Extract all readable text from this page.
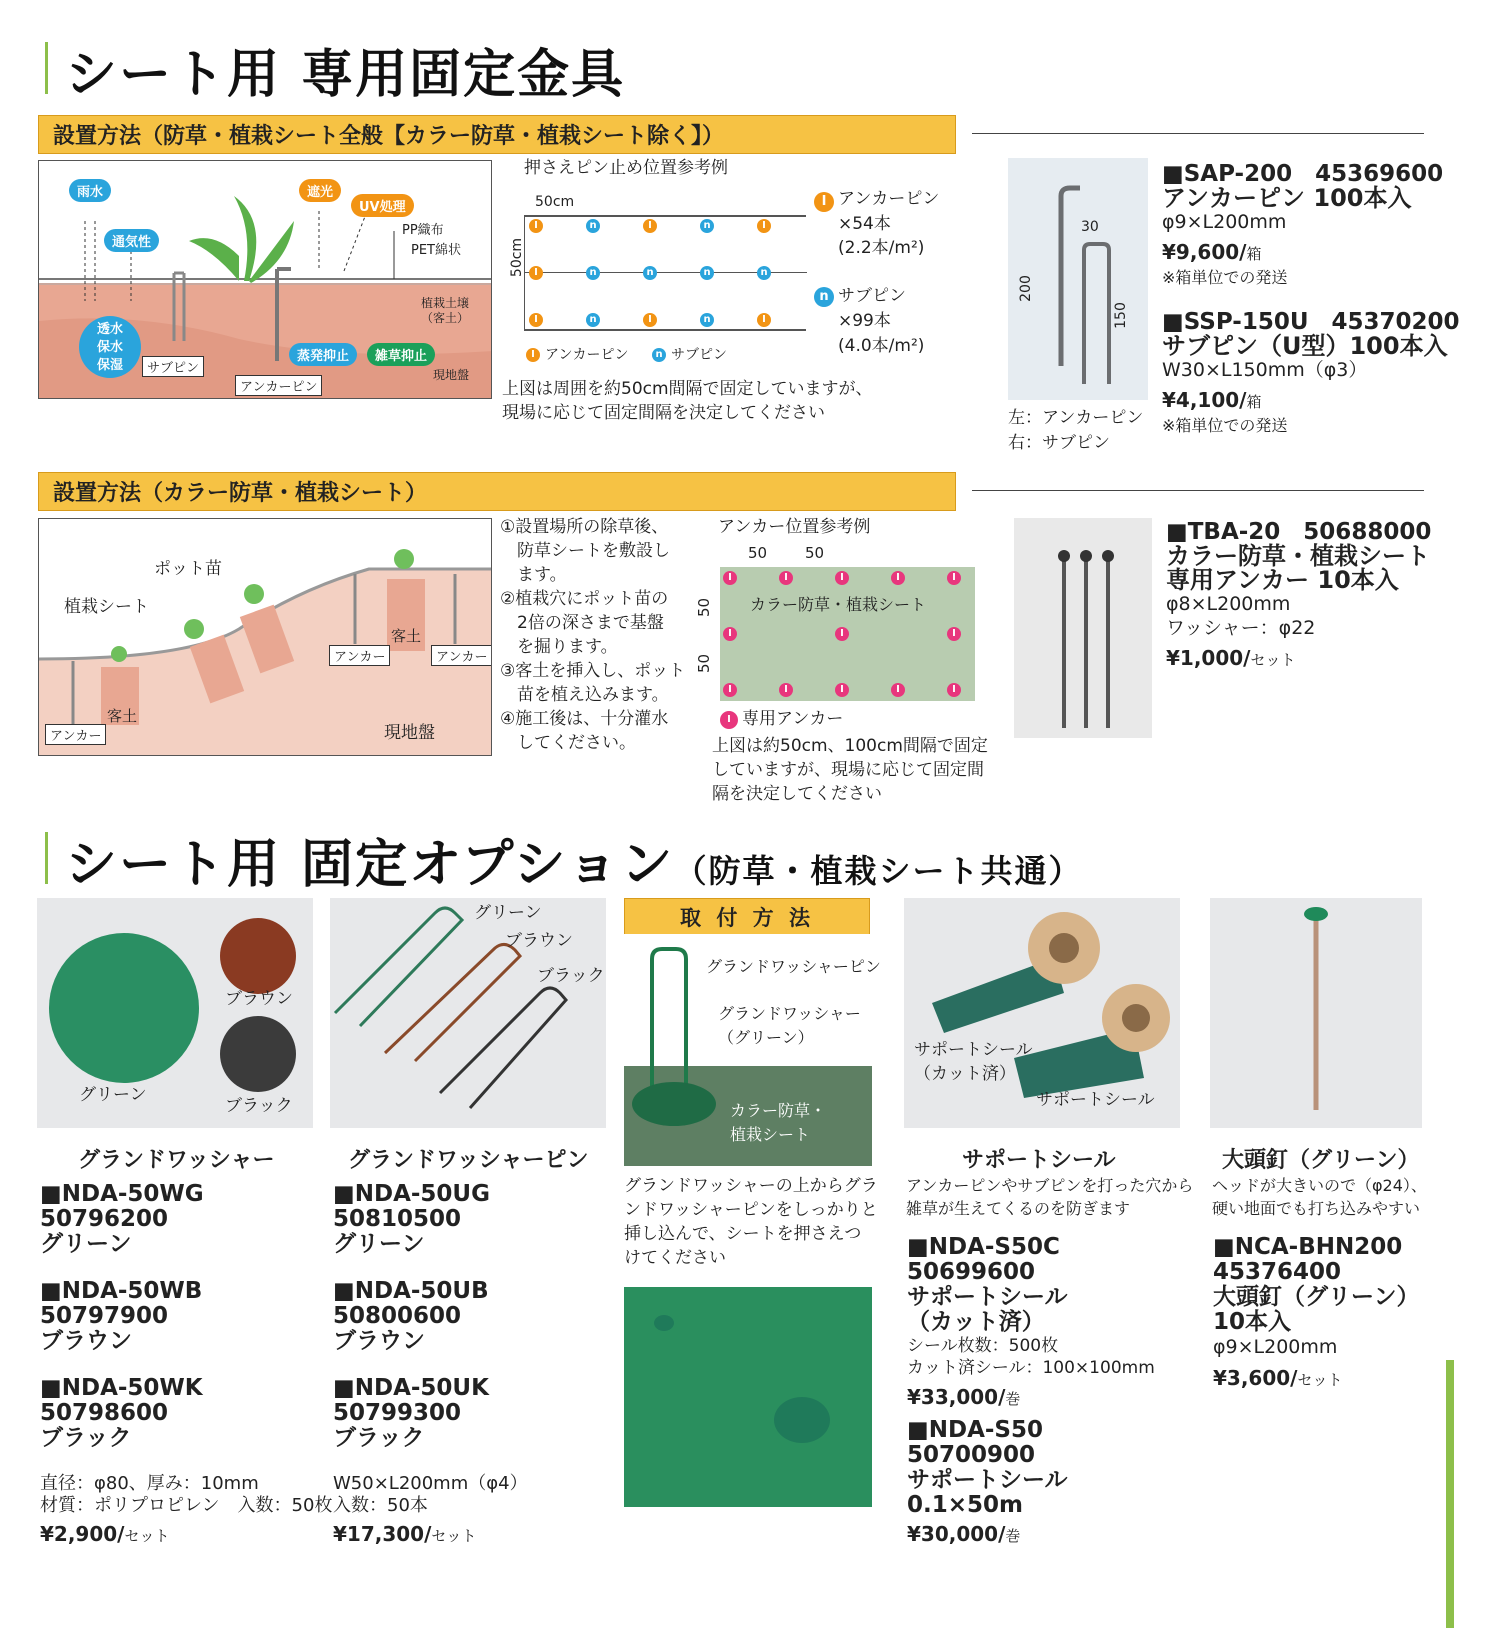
シート用 専用固定金具
設置方法（防草・植栽シート全般【カラー防草・植栽シート除く】）
雨水
通気性
遮光
UV処理
PP織布
PET綿状
透水
保水
保湿
蒸発抑止	雑草抑止
植栽土壌
（客土）
現地盤
サブピン
アンカーピン
押さえピン止め位置参考例
50cm
50cm
I	n	I	n	I
I	n	n	n	n
I	n	I	n	I
I アンカーピン
×54本
(2.2本/m²)
n サブピン
×99本
(4.0本/m²)
I アンカーピン	n サブピン
上図は周囲を約50cm間隔で固定していますが、
現場に応じて固定間隔を決定してください
30
200
150
左：アンカーピン
右：サブピン
■SAP-200　45369600
アンカーピン 100本入
φ9×L200mm
¥9,600/箱
※箱単位での発送
■SSP-150U　45370200
サブピン（U型）100本入
W30×L150mm（φ3）
¥4,100/箱
※箱単位での発送
設置方法（カラー防草・植栽シート）
植栽シート
ポット苗
客土
客土
アンカー
アンカー	アンカー
現地盤
①設置場所の除草後、
　防草シートを敷設し
　ます。
②植栽穴にポット苗の
　2倍の深さまで基盤
　を掘ります。
③客土を挿入し、ポット
　苗を植え込みます。
④施工後は、十分灌水
　してください。
アンカー位置参考例
50	50
50
50
カラー防草・植栽シート
I	I	I	I	I
I	I	I
I	I	I	I	I
I 専用アンカー
上図は約50cm、100cm間隔で固定
していますが、現場に応じて固定間
隔を決定してください
■TBA-20　50688000
カラー防草・植栽シート
専用アンカー 10本入
φ8×L200mm
ワッシャー：φ22
¥1,000/セット
シート用 固定オプション（防草・植栽シート共通）
グリーン
ブラウン
ブラック
グランドワッシャー
■NDA-50WG
50796200
グリーン
■NDA-50WB
50797900
ブラウン
■NDA-50WK
50798600
ブラック
直径：φ80、厚み：10mm
材質：ポリプロピレン　入数：50枚
¥2,900/セット
グリーン
ブラウン
ブラック
グランドワッシャーピン
■NDA-50UG
50810500
グリーン
■NDA-50UB
50800600
ブラウン
■NDA-50UK
50799300
ブラック
W50×L200mm（φ4）
入数：50本
¥17,300/セット
取 付 方 法
グランドワッシャーピン
グランドワッシャー
（グリーン）
カラー防草・
植栽シート
グランドワッシャーの上からグラ
ンドワッシャーピンをしっかりと
挿し込んで、シートを押さえつ
けてください
サポートシール
（カット済）
サポートシール
サポートシール
アンカーピンやサブピンを打った穴から
雑草が生えてくるのを防ぎます
■NDA-S50C
50699600
サポートシール
（カット済）
シール枚数：500枚
カット済シール：100×100mm
¥33,000/巻
■NDA-S50
50700900
サポートシール
0.1×50m
¥30,000/巻
大頭釘（グリーン）
ヘッドが大きいので（φ24）、
硬い地面でも打ち込みやすい
■NCA-BHN200
45376400
大頭釘（グリーン）
10本入
φ9×L200mm
¥3,600/セット
